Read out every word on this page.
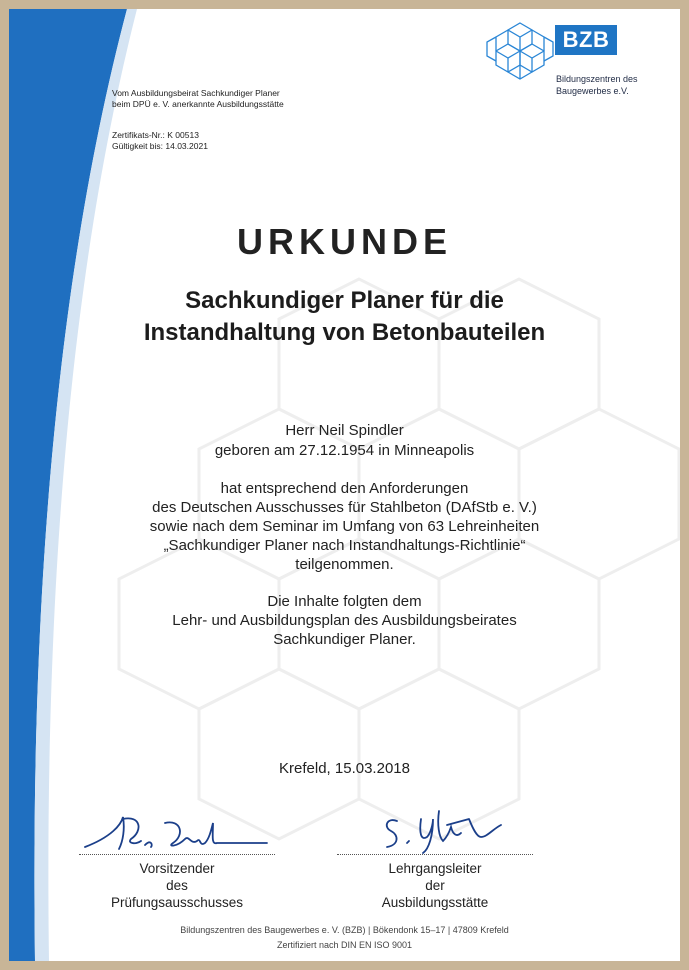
Vom Ausbildungsbeirat Sachkundiger Planer
beim DPÜ e. V. anerkannte Ausbildungsstätte
Zertifikats-Nr.: K 00513
Gültigkeit bis: 14.03.2021
BZB
Bildungszentren des
Baugewerbes e.V.
URKUNDE
Sachkundiger Planer für die
Instandhaltung von Betonbauteilen
Herr Neil Spindler
geboren am 27.12.1954 in Minneapolis
hat entsprechend den Anforderungen
des Deutschen Ausschusses für Stahlbeton (DAfStb e. V.)
sowie nach dem Seminar im Umfang von 63 Lehreinheiten
„Sachkundiger Planer nach Instandhaltungs-Richtlinie“
teilgenommen.
Die Inhalte folgten dem
Lehr- und Ausbildungsplan des Ausbildungsbeirates
Sachkundiger Planer.
Krefeld, 15.03.2018
Vorsitzender
des
Prüfungsausschusses
Lehrgangsleiter
der
Ausbildungsstätte
Bildungszentren des Baugewerbes e. V. (BZB) | Bökendonk 15–17 | 47809 Krefeld
Zertifiziert nach DIN EN ISO 9001
